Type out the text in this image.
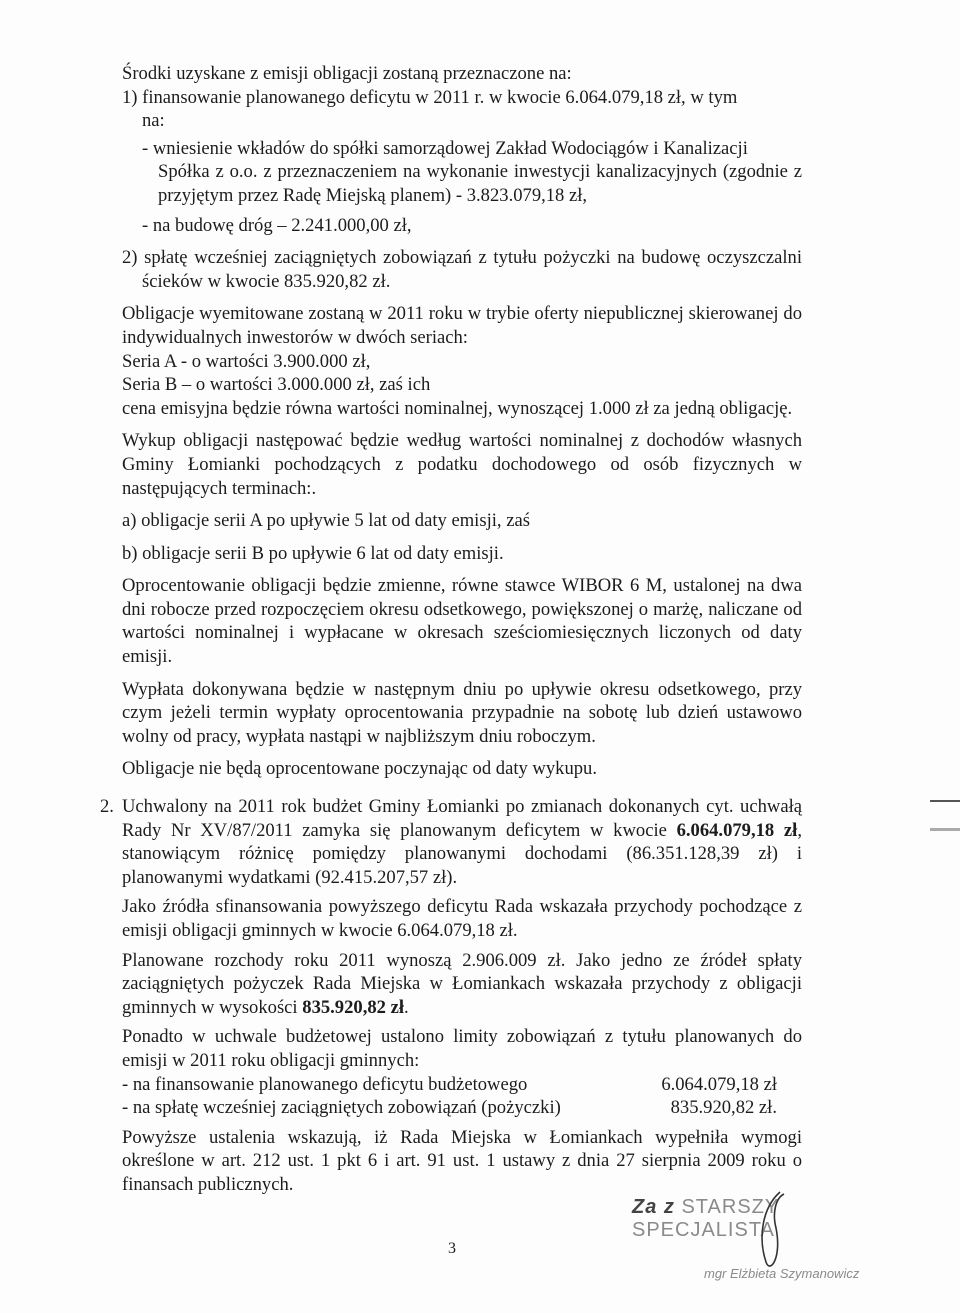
Środki uzyskane z emisji obligacji zostaną przeznaczone na:

1) finansowanie planowanego deficytu w 2011 r. w kwocie 6.064.079,18 zł, w tym

na:

- wniesienie wkładów do spółki samorządowej Zakład Wodociągów i Kanalizacji

Spółka z o.o. z przeznaczeniem na wykonanie inwestycji kanalizacyjnych (zgodnie z przyjętym przez Radę Miejską planem) - 3.823.079,18 zł,

- na budowę dróg – 2.241.000,00 zł,

2) spłatę wcześniej zaciągniętych zobowiązań z tytułu pożyczki na budowę oczyszczalni ścieków w kwocie 835.920,82 zł.

Obligacje wyemitowane zostaną w 2011 roku w trybie oferty niepublicznej skierowanej do indywidualnych inwestorów w dwóch seriach:

Seria A - o wartości 3.900.000 zł,

Seria B – o wartości 3.000.000 zł, zaś ich

cena emisyjna będzie równa wartości nominalnej, wynoszącej 1.000 zł za jedną obligację.

Wykup obligacji następować będzie według wartości nominalnej z dochodów własnych Gminy Łomianki pochodzących z podatku dochodowego od osób fizycznych w następujących terminach:.

a) obligacje serii A po upływie 5 lat od daty emisji, zaś

b) obligacje serii B po upływie 6 lat od daty emisji.

Oprocentowanie obligacji będzie zmienne, równe stawce WIBOR 6 M, ustalonej na dwa dni robocze przed rozpoczęciem okresu odsetkowego, powiększonej o marżę, naliczane od wartości nominalnej i wypłacane w okresach sześciomiesięcznych liczonych od daty emisji.

Wypłata dokonywana będzie w następnym dniu po upływie okresu odsetkowego, przy czym jeżeli termin wypłaty oprocentowania przypadnie na sobotę lub dzień ustawowo wolny od pracy, wypłata nastąpi w najbliższym dniu roboczym.

Obligacje nie będą oprocentowane poczynając od daty wykupu.

2. Uchwalony na 2011 rok budżet Gminy Łomianki po zmianach dokonanych cyt. uchwałą Rady Nr XV/87/2011 zamyka się planowanym deficytem w kwocie 6.064.079,18 zł, stanowiącym różnicę pomiędzy planowanymi dochodami (86.351.128,39 zł) i planowanymi wydatkami (92.415.207,57 zł).

Jako źródła sfinansowania powyższego deficytu Rada wskazała przychody pochodzące z emisji obligacji gminnych w kwocie 6.064.079,18 zł.

Planowane rozchody roku 2011 wynoszą 2.906.009 zł. Jako jedno ze źródeł spłaty zaciągniętych pożyczek Rada Miejska w Łomiankach wskazała przychody z obligacji gminnych w wysokości 835.920,82 zł.

Ponadto w uchwale budżetowej ustalono limity zobowiązań z tytułu planowanych do emisji w 2011 roku obligacji gminnych:

- na finansowanie planowanego deficytu budżetowego	6.064.079,18 zł
- na spłatę wcześniej zaciągniętych zobowiązań (pożyczki)	835.920,82 zł.

Powyższe ustalenia wskazują, iż Rada Miejska w Łomiankach wypełniła wymogi określone w art. 212 ust. 1 pkt 6 i art. 91 ust. 1 ustawy z dnia 27 sierpnia 2009 roku o finansach publicznych.

3
Za z STARSZY SPECJALISTA
mgr Elżbieta Szymanowicz
